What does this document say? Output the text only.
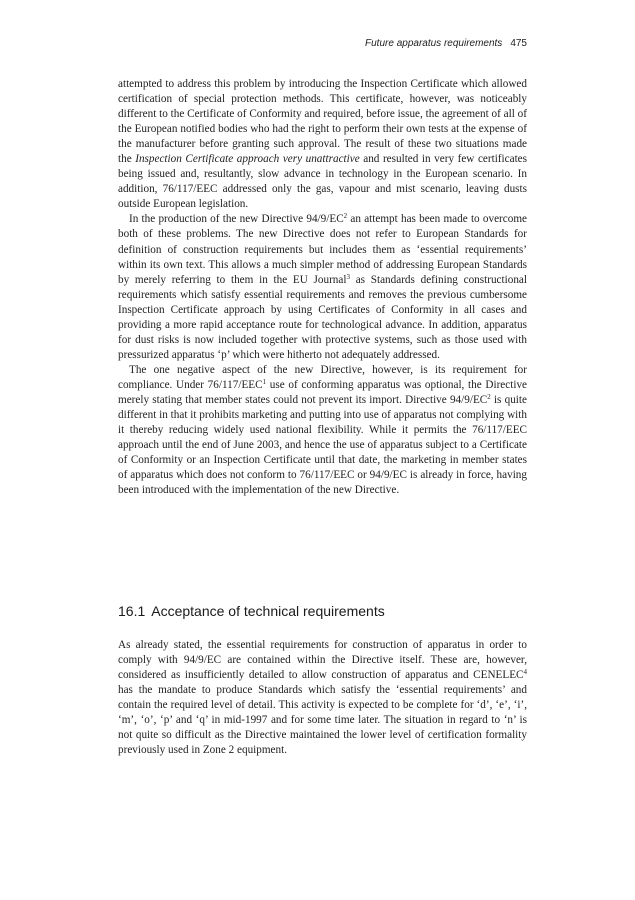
Future apparatus requirements 475

attempted to address this problem by introducing the Inspection Certificate which allowed certification of special protection methods. This certificate, however, was noticeably different to the Certificate of Conformity and required, before issue, the agreement of all of the European notified bodies who had the right to perform their own tests at the expense of the manufacturer before granting such approval. The result of these two situations made the Inspection Certificate approach very unattractive and resulted in very few certificates being issued and, resultantly, slow advance in technology in the European scenario. In addition, 76/117/EEC addressed only the gas, vapour and mist scenario, leaving dusts outside European legislation.

In the production of the new Directive $94/9/EC^2$ an attempt has been made to overcome both of these problems. The new Directive does not refer to European Standards for definition of construction requirements but includes them as ‘essential requirements’ within its own text. This allows a much simpler method of addressing European Standards by merely referring to them in the EU Journal$^3$ as Standards defining constructional requirements which satisfy essential requirements and removes the previous cumbersome Inspection Certificate approach by using Certificates of Conformity in all cases and providing a more rapid acceptance route for technological advance. In addition, apparatus for dust risks is now included together with protective systems, such as those used with pressurized apparatus ‘p’ which were hitherto not adequately addressed.

The one negative aspect of the new Directive, however, is its requirement for compliance. Under 76/117/EEC$^1$ use of conforming apparatus was optional, the Directive merely stating that member states could not prevent its import. Directive $94/9/EC^2$ is quite different in that it prohibits marketing and putting into use of apparatus not complying with it thereby reducing widely used national flexibility. While it permits the 76/117/EEC approach until the end of June 2003, and hence the use of apparatus subject to a Certificate of Conformity or an Inspection Certificate until that date, the marketing in member states of apparatus which does not conform to 76/117/EEC or 94/9/EC is already in force, having been introduced with the implementation of the new Directive.

16.1 Acceptance of technical requirements

As already stated, the essential requirements for construction of apparatus in order to comply with 94/9/EC are contained within the Directive itself. These are, however, considered as insufficiently detailed to allow construction of apparatus and CENELEC$^4$ has the mandate to produce Standards which satisfy the ‘essential requirements’ and contain the required level of detail. This activity is expected to be complete for ‘d’, ‘e’, ‘i’, ‘m’, ‘o’, ‘p’ and ‘q’ in mid-1997 and for some time later. The situation in regard to ‘n’ is not quite so difficult as the Directive maintained the lower level of certification formality previously used in Zone 2 equipment.
